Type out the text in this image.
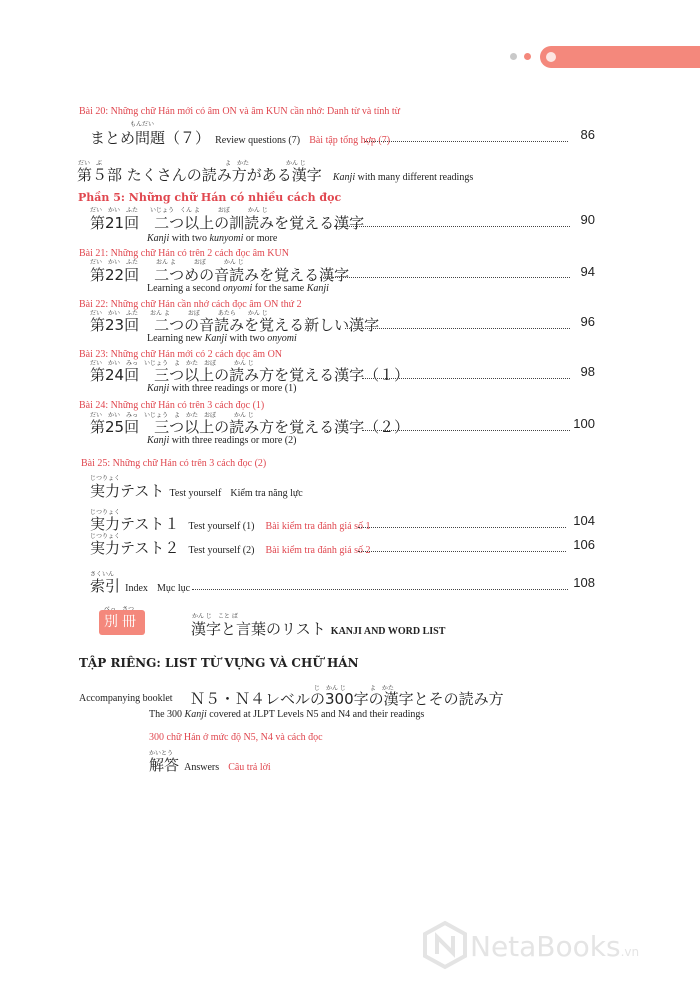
Bài 20: Những chữ Hán mới có âm ON và âm KUN cần nhớ: Danh từ và tính từ
もんだい
まとめ問題（７） Review questions (7) Bài tập tổng hợp (7)	86
だい　ぶ	よ　かた	かん じ
第５部 たくさんの読み方がある漢字 Kanji with many different readings
Phần 5: Những chữ Hán có nhiều cách đọc
だい　かい　ふた　　いじょう　くん よ　　　おぼ　　　かん じ
第21回　二つ以上の訓読みを覚える漢字	90
Kanji with two kunyomi or more
Bài 21: Những chữ Hán có trên 2 cách đọc âm KUN
だい　かい　ふた　　　おん よ　　　おぼ　　　かん じ
第22回　二つめの音読みを覚える漢字	94
Learning a second onyomi for the same Kanji
Bài 22: Những chữ Hán cần nhớ cách đọc âm ON thứ 2
だい　かい　ふた　　おん よ　　　おぼ　　　あたら　　かん じ
第23回　二つの音読みを覚える新しい漢字	96
Learning new Kanji with two onyomi
Bài 23: Những chữ Hán mới có 2 cách đọc âm ON
だい　かい　みっ　いじょう　よ　かた　おぼ　　　かん じ
第24回　三つ以上の読み方を覚える漢字（１）	98
Kanji with three readings or more (1)
Bài 24: Những chữ Hán có trên 3 cách đọc (1)
だい　かい　みっ　いじょう　よ　かた　おぼ　　　かん じ
第25回　三つ以上の読み方を覚える漢字（２）	100
Kanji with three readings or more (2)
Bài 25: Những chữ Hán có trên 3 cách đọc (2)
じつりょく
実力テスト Test yourself Kiểm tra năng lực
じつりょく
実力テスト１ Test yourself (1) Bài kiểm tra đánh giá số 1	104
じつりょく
実力テスト２ Test yourself (2) Bài kiểm tra đánh giá số 2	106
さくいん
索引 Index Mục lục	108
別冊	かん じ　こと ば
漢字と言葉のリスト KANJI AND WORD LIST
TẬP RIÊNG: LIST TỪ VỰNG VÀ CHỮ HÁN
Accompanying booklet
じ　かん じ　　　　よ　かた
Ｎ５・Ｎ４レベルの300字の漢字とその読み方
The 300 Kanji covered at JLPT Levels N5 and N4 and their readings
300 chữ Hán ở mức độ N5, N4 và cách đọc
かいとう
解答 Answers Câu trả lời
NetaBooks.vn
